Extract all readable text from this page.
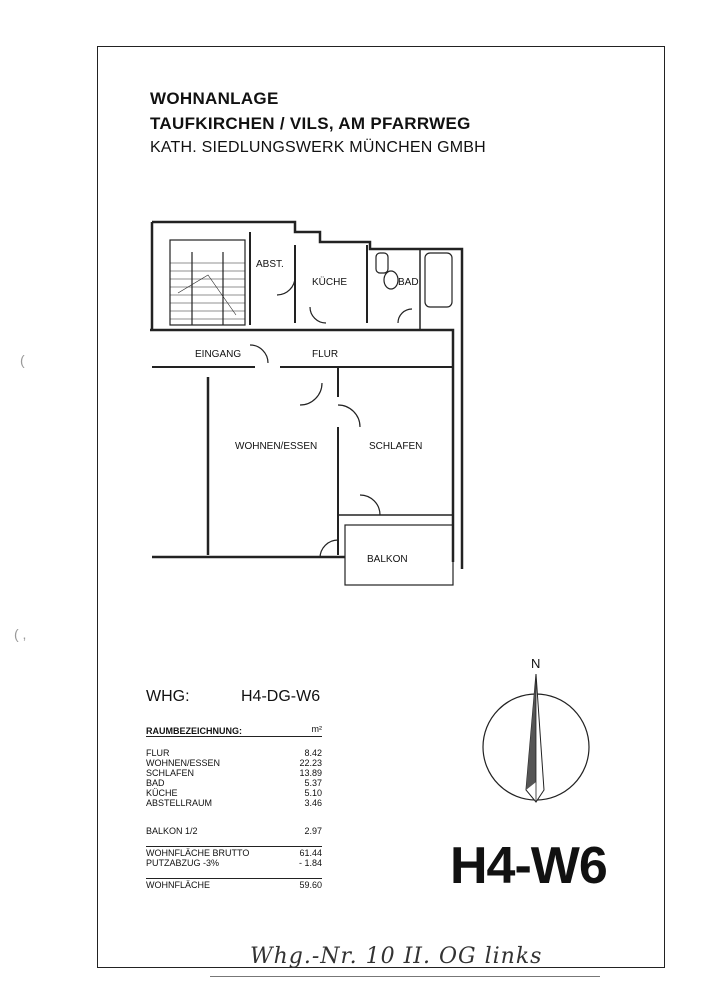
WOHNANLAGE
TAUFKIRCHEN / VILS, AM PFARRWEG
KATH. SIEDLUNGSWERK MÜNCHEN GMBH
ABST.
KÜCHE	BAD
EINGANG	FLUR
WOHNEN/ESSEN	SCHLAFEN
BALKON
WHG:	H4-DG-W6
RAUMBEZEICHNUNG:	m²
FLUR	8.42
WOHNEN/ESSEN	22.23
SCHLAFEN	13.89
BAD	5.37
KÜCHE	5.10
ABSTELLRAUM	3.46
BALKON 1/2	2.97
WOHNFLÄCHE BRUTTO	61.44
PUTZABZUG -3%	- 1.84
WOHNFLÄCHE	59.60
N
H4-W6
Whg.-Nr. 10 II. OG links
(
( ,
